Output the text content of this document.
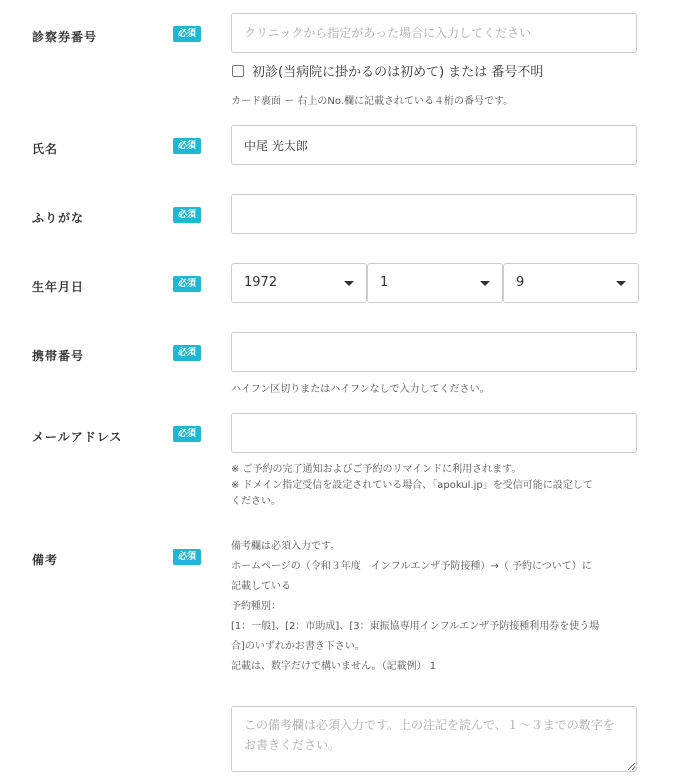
診察券番号	必須
クリニックから指定があった場合に入力してください
初診(当病院に掛かるのは初めて) または 番号不明
カード裏面 ー 右上のNo.欄に記載されている４桁の番号です。
氏名	必須
中尾 光太郎
ふりがな	必須
生年月日	必須	1972	1	9
携帯番号	必須
ハイフン区切りまたはハイフンなしで入力してください。
メールアドレス	必須
※ ご予約の完了通知およびご予約のリマインドに利用されます。
※ ドメイン指定受信を設定されている場合、「apokul.jp」を受信可能に設定して
ください。
備考	必須
備考欄は必須入力です。
ホームページの（令和３年度　インフルエンザ予防接種）→（ 予約について）に
記載している
予約種別：
[1：一般]、[2：市助成]、[3：東振協専用インフルエンザ予防接種利用券を使う場
合]のいずれかお書き下さい。
記載は、数字だけで構いません。（記載例） 1
この備考欄は必須入力です。上の注記を読んで、１～３までの数字をお書きください。
